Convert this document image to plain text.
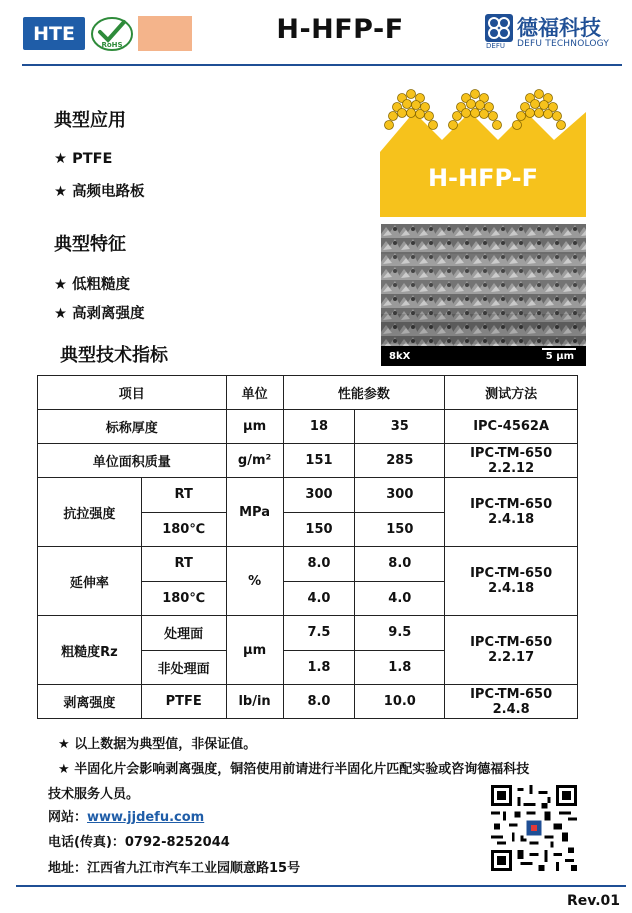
HTE
RoHS	H-HFP-F
DEFU
德福科技
DEFU TECHNOLOGY
典型应用
★ PTFE
★ 高频电路板
典型特征
★ 低粗糙度
★ 高剥离强度
H-HFP-F
8kX	5 µm
典型技术指标
项目		单位	性能参数		测试方法
标称厚度		µm	18	35	IPC-4562A
单位面积质量		g/m²	151	285	IPC-TM-650
2.2.12

抗拉强度	RT	MPa	300	300	IPC-TM-650
2.4.18

	180℃		150	150	
延伸率	RT	%	8.0	8.0	IPC-TM-650
2.4.18

	180℃		4.0	4.0	
粗糙度Rz	处理面	µm	7.5	9.5	IPC-TM-650
2.2.17

	非处理面		1.8	1.8	
剥离强度	PTFE	lb/in	8.0	10.0	IPC-TM-650
2.4.8
★ 以上数据为典型值，非保证值。
★ 半固化片会影响剥离强度，铜箔使用前请进行半固化片匹配实验或咨询德福科技
技术服务人员。
网站：www.jjdefu.com
电话(传真)：0792-8252044
地址：江西省九江市汽车工业园顺意路15号
Rev.01
